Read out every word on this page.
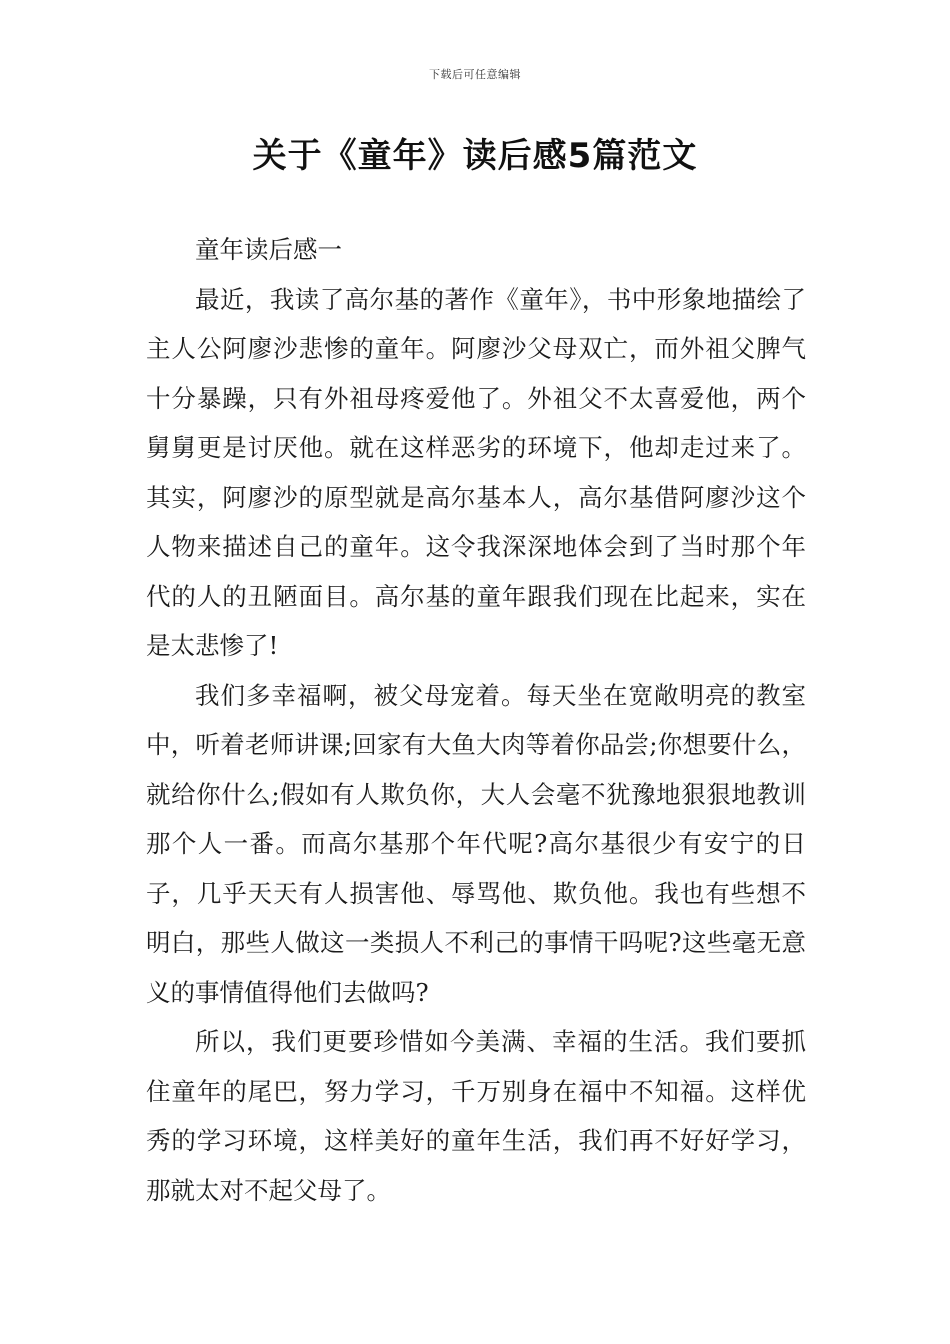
下载后可任意编辑
关于《童年》读后感5篇范文

童年读后感一

最近，我读了高尔基的著作《童年》，书中形象地描绘了主人公阿廖沙悲惨的童年。阿廖沙父母双亡，而外祖父脾气十分暴躁，只有外祖母疼爱他了。外祖父不太喜爱他，两个舅舅更是讨厌他。就在这样恶劣的环境下，他却走过来了。其实，阿廖沙的原型就是高尔基本人，高尔基借阿廖沙这个人物来描述自己的童年。这令我深深地体会到了当时那个年代的人的丑陋面目。高尔基的童年跟我们现在比起来，实在是太悲惨了!

我们多幸福啊，被父母宠着。每天坐在宽敞明亮的教室中，听着老师讲课;回家有大鱼大肉等着你品尝;你想要什么，就给你什么;假如有人欺负你，大人会毫不犹豫地狠狠地教训那个人一番。而高尔基那个年代呢?高尔基很少有安宁的日子，几乎天天有人损害他、辱骂他、欺负他。我也有些想不明白，那些人做这一类损人不利己的事情干吗呢?这些毫无意义的事情值得他们去做吗?

所以，我们更要珍惜如今美满、幸福的生活。我们要抓住童年的尾巴，努力学习，千万别身在福中不知福。这样优秀的学习环境，这样美好的童年生活，我们再不好好学习，那就太对不起父母了。
